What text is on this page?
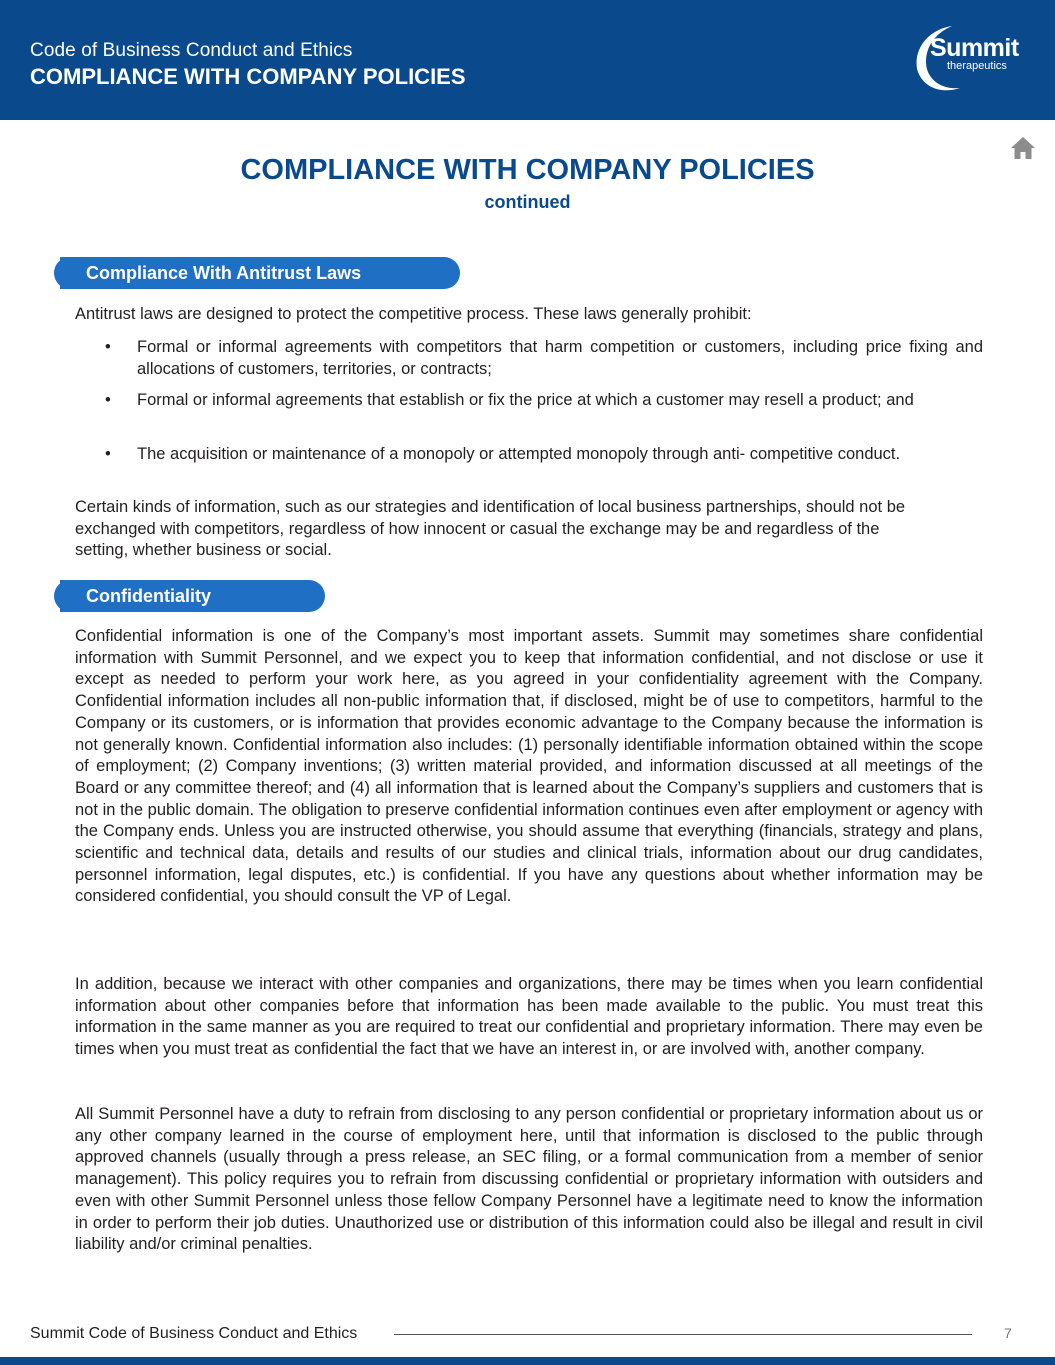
Code of Business Conduct and Ethics
COMPLIANCE WITH COMPANY POLICIES
Summit
therapeutics
COMPLIANCE WITH COMPANY POLICIES
continued
Compliance With Antitrust Laws
Antitrust laws are designed to protect the competitive process. These laws generally prohibit:
• Formal or informal agreements with competitors that harm competition or customers, including price fixing and allocations of customers, territories, or contracts;
• Formal or informal agreements that establish or fix the price at which a customer may resell a product; and
• The acquisition or maintenance of a monopoly or attempted monopoly through anti- competitive conduct.
Certain kinds of information, such as our strategies and identification of local business partnerships, should not be exchanged with competitors, regardless of how innocent or casual the exchange may be and regardless of the setting, whether business or social.
Confidentiality
Confidential information is one of the Company’s most important assets. Summit may sometimes share confidential information with Summit Personnel, and we expect you to keep that information confidential, and not disclose or use it except as needed to perform your work here, as you agreed in your confidentiality agreement with the Company. Confidential information includes all non-public information that, if disclosed, might be of use to competitors, harmful to the Company or its customers, or is information that provides economic advantage to the Company because the information is not generally known. Confidential information also includes: (1) personally identifiable information obtained within the scope of employment; (2) Company inventions; (3) written material provided, and information discussed at all meetings of the Board or any committee thereof; and (4) all information that is learned about the Company’s suppliers and customers that is not in the public domain. The obligation to preserve confidential information continues even after employment or agency with the Company ends. Unless you are instructed otherwise, you should assume that everything (financials, strategy and plans, scientific and technical data, details and results of our studies and clinical trials, information about our drug candidates, personnel information, legal disputes, etc.) is confidential. If you have any questions about whether information may be considered confidential, you should consult the VP of Legal.
In addition, because we interact with other companies and organizations, there may be times when you learn confidential information about other companies before that information has been made available to the public. You must treat this information in the same manner as you are required to treat our confidential and proprietary information. There may even be times when you must treat as confidential the fact that we have an interest in, or are involved with, another company.
All Summit Personnel have a duty to refrain from disclosing to any person confidential or proprietary information about us or any other company learned in the course of employment here, until that information is disclosed to the public through approved channels (usually through a press release, an SEC filing, or a formal communication from a member of senior management). This policy requires you to refrain from discussing confidential or proprietary information with outsiders and even with other Summit Personnel unless those fellow Company Personnel have a legitimate need to know the information in order to perform their job duties. Unauthorized use or distribution of this information could also be illegal and result in civil liability and/or criminal penalties.
Summit Code of Business Conduct and Ethics	7
